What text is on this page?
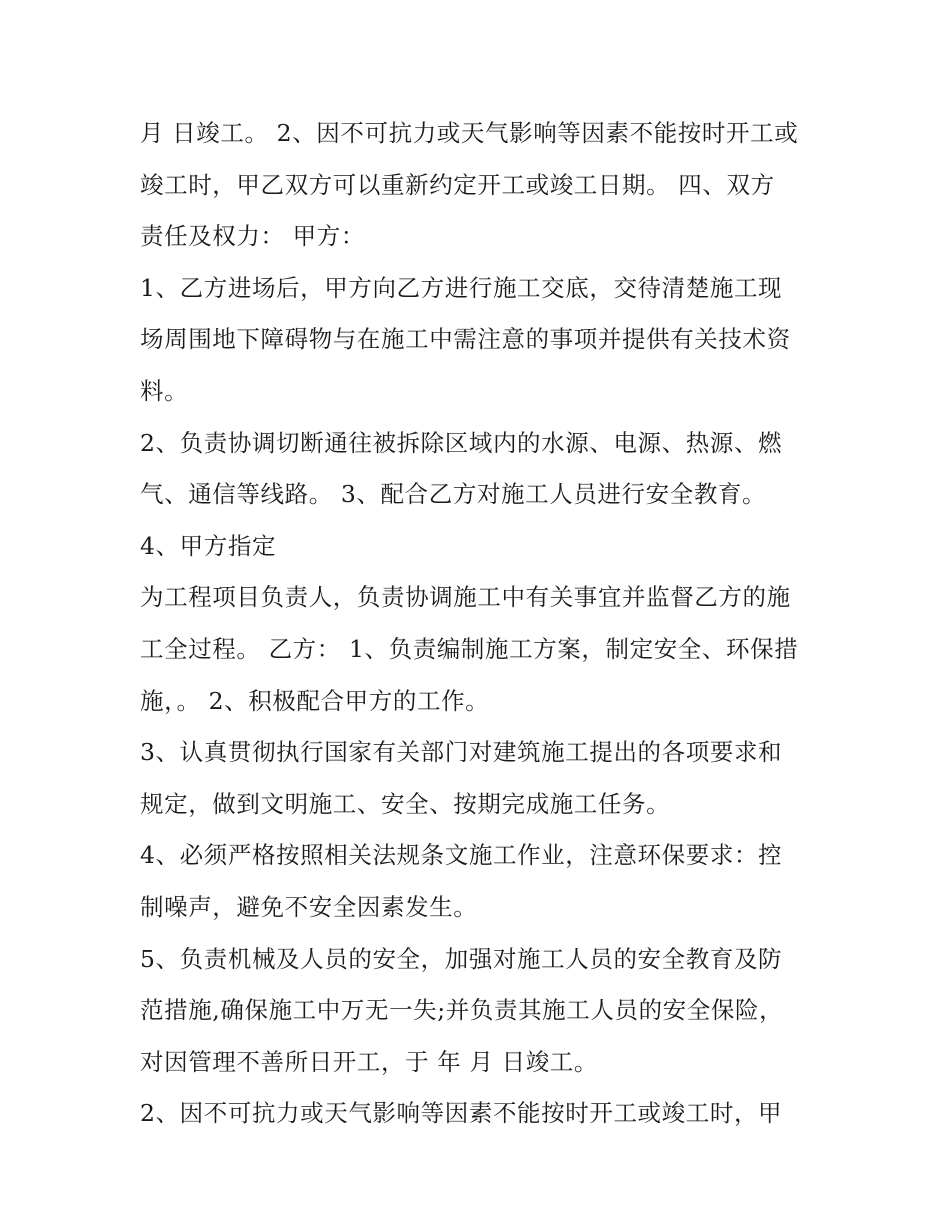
月 日竣工。 2、因不可抗力或天气影响等因素不能按时开工或

竣工时，甲乙双方可以重新约定开工或竣工日期。 四、双方

责任及权力： 甲方：

1、乙方进场后，甲方向乙方进行施工交底，交待清楚施工现

场周围地下障碍物与在施工中需注意的事项并提供有关技术资

料。

2、负责协调切断通往被拆除区域内的水源、电源、热源、燃

气、通信等线路。 3、配合乙方对施工人员进行安全教育。

4、甲方指定

为工程项目负责人，负责协调施工中有关事宜并监督乙方的施

工全过程。 乙方： 1、负责编制施工方案，制定安全、环保措

施，。 2、积极配合甲方的工作。

3、认真贯彻执行国家有关部门对建筑施工提出的各项要求和

规定，做到文明施工、安全、按期完成施工任务。

4、必须严格按照相关法规条文施工作业，注意环保要求：控

制噪声，避免不安全因素发生。

5、负责机械及人员的安全，加强对施工人员的安全教育及防

范措施,确保施工中万无一失;并负责其施工人员的安全保险，

对因管理不善所日开工，于 年 月 日竣工。

2、因不可抗力或天气影响等因素不能按时开工或竣工时，甲
